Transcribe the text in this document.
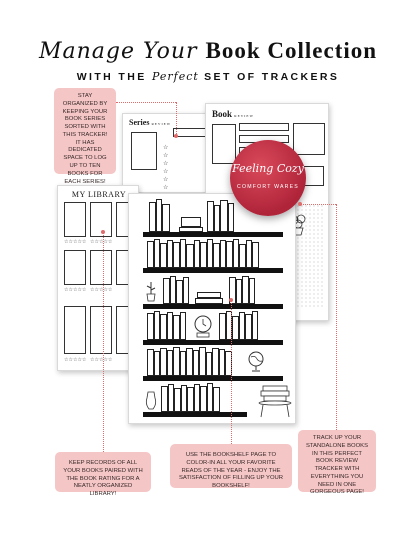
Manage Your Book Collection
WITH THE Perfect SET OF TRACKERS
Series REVIEW
☆
☆
☆
☆
☆
☆
Book REVIEW
MY LIBRARY
☆☆☆☆☆ ☆☆☆☆☆
☆☆☆☆☆ ☆☆☆☆☆
☆☆☆☆☆ ☆☆☆☆☆
Feeling Cozy
COMFORT WARES
STAY ORGANIZED BY KEEPING YOUR BOOK SERIES SORTED WITH THIS TRACKER! IT HAS DEDICATED SPACE TO LOG UP TO TEN BOOKS FOR EACH SERIES!
KEEP RECORDS OF ALL YOUR BOOKS PAIRED WITH THE BOOK RATING FOR A NEATLY ORGANIZED LIBRARY!
USE THE BOOKSHELF PAGE TO COLOR-IN ALL YOUR FAVORITE READS OF THE YEAR - ENJOY THE SATISFACTION OF FILLING UP YOUR BOOKSHELF!
TRACK UP YOUR STANDALONE BOOKS IN THIS PERFECT BOOK REVIEW TRACKER WITH EVERYTHING YOU NEED IN ONE GORGEOUS PAGE!
